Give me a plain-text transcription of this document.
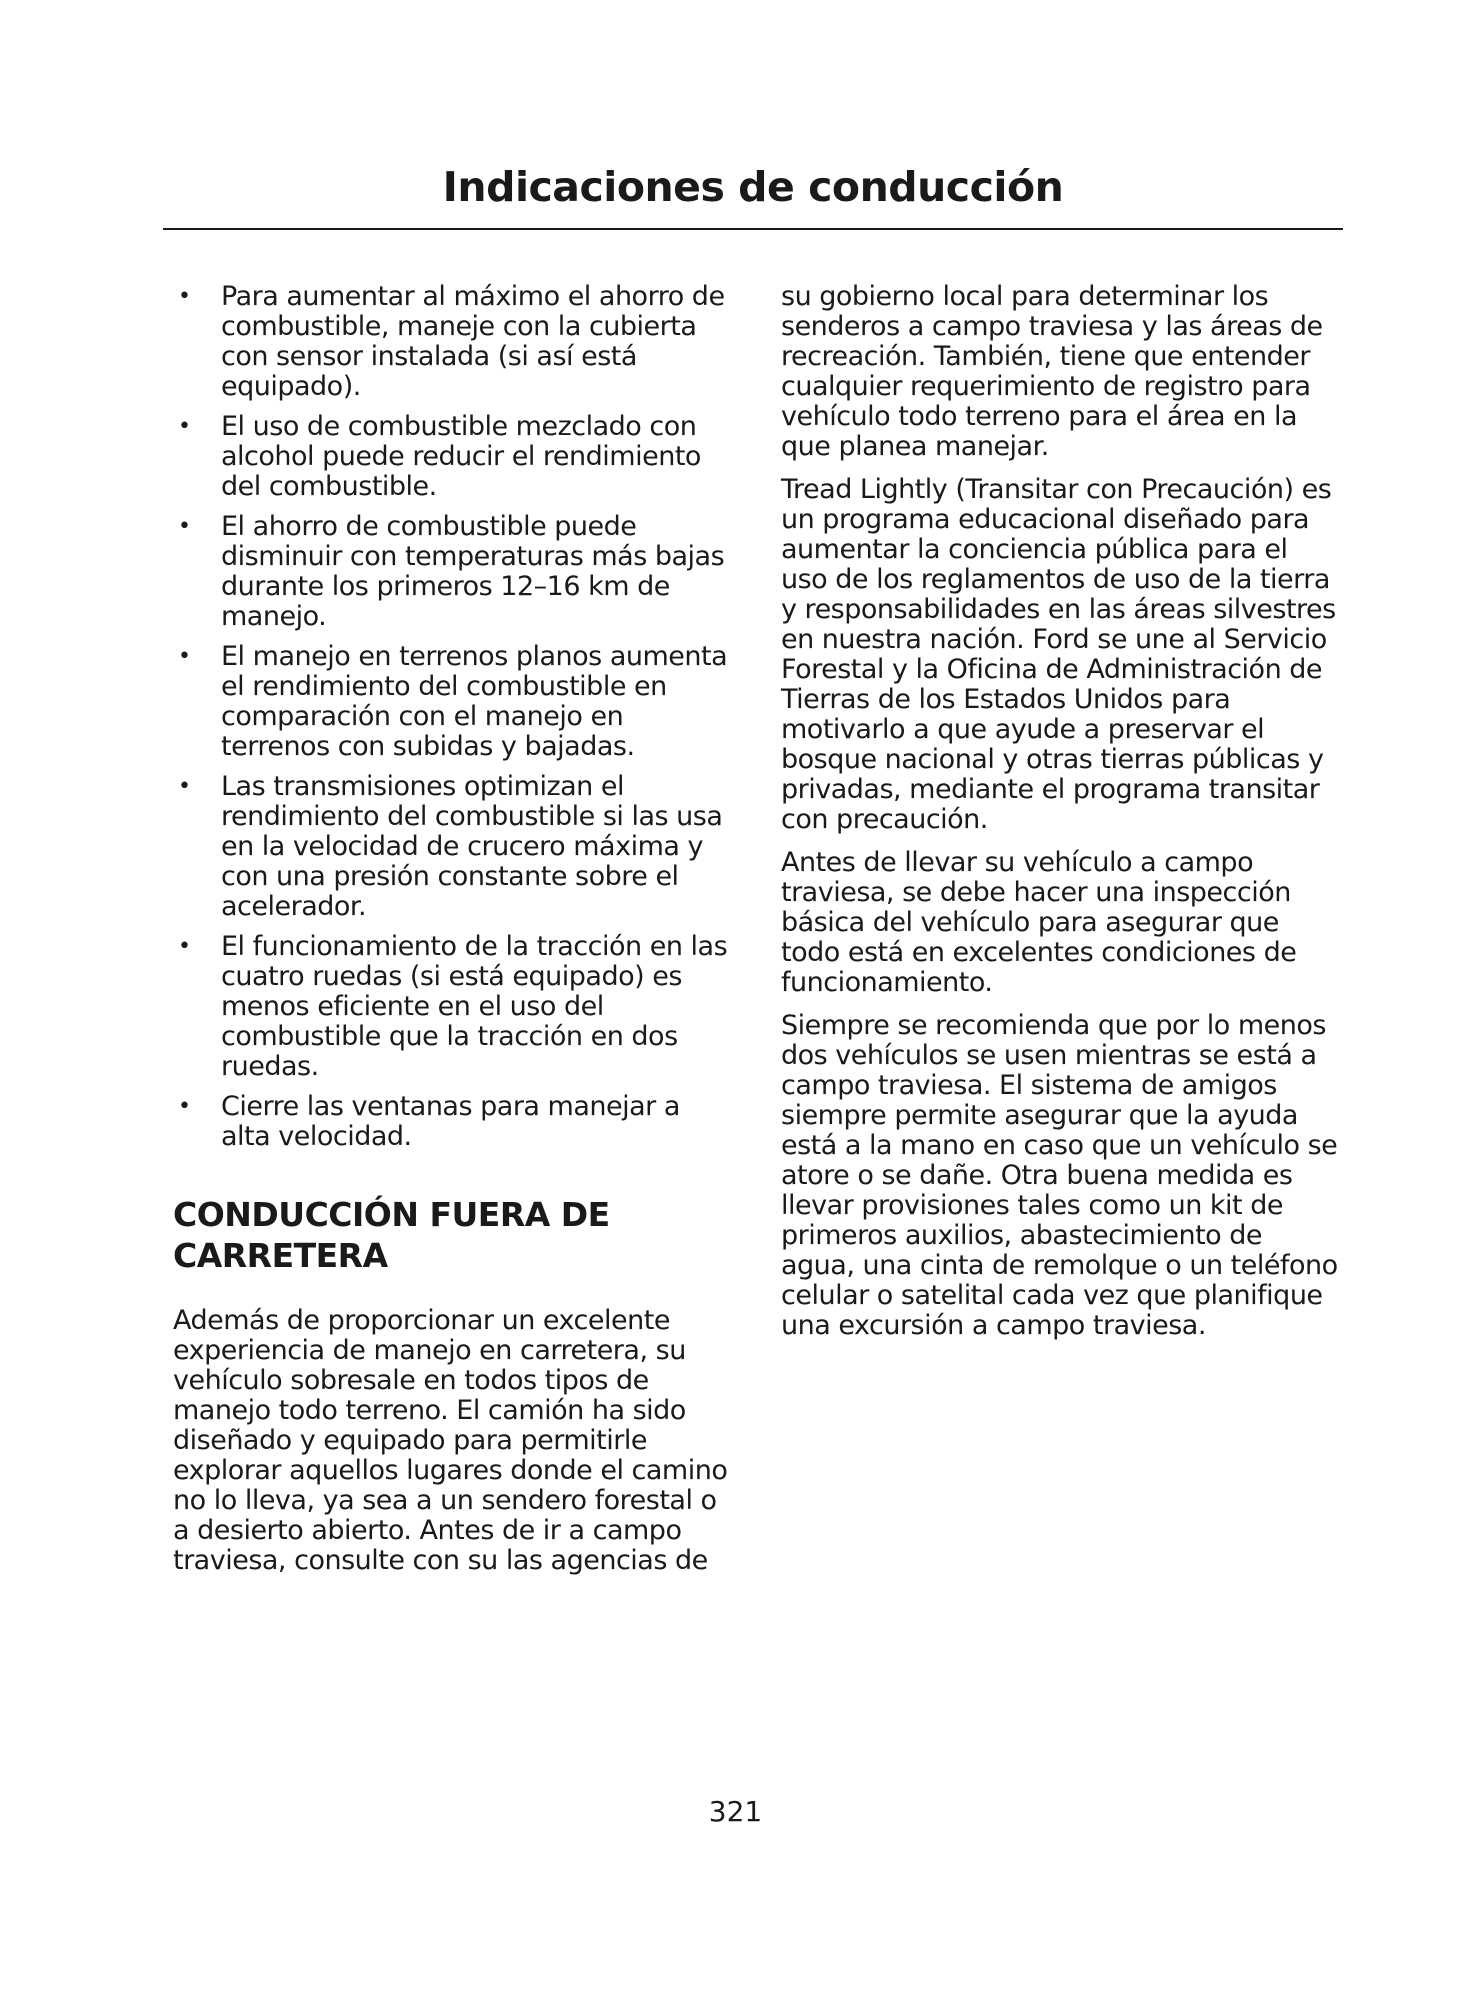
Indicaciones de conducción
• Para aumentar al máximo el ahorro de combustible, maneje con la cubierta con sensor instalada (si así está equipado).
• El uso de combustible mezclado con alcohol puede reducir el rendimiento del combustible.
• El ahorro de combustible puede disminuir con temperaturas más bajas durante los primeros 12–16 km de manejo.
• El manejo en terrenos planos aumenta el rendimiento del combustible en comparación con el manejo en terrenos con subidas y bajadas.
• Las transmisiones optimizan el rendimiento del combustible si las usa en la velocidad de crucero máxima y con una presión constante sobre el acelerador.
• El funcionamiento de la tracción en las cuatro ruedas (si está equipado) es menos eficiente en el uso del combustible que la tracción en dos ruedas.
• Cierre las ventanas para manejar a alta velocidad.
CONDUCCIÓN FUERA DE CARRETERA

Además de proporcionar un excelente experiencia de manejo en carretera, su vehículo sobresale en todos tipos de manejo todo terreno. El camión ha sido diseñado y equipado para permitirle explorar aquellos lugares donde el camino no lo lleva, ya sea a un sendero forestal o a desierto abierto. Antes de ir a campo traviesa, consulte con su las agencias de

su gobierno local para determinar los senderos a campo traviesa y las áreas de recreación. También, tiene que entender cualquier requerimiento de registro para vehículo todo terreno para el área en la que planea manejar.

Tread Lightly (Transitar con Precaución) es un programa educacional diseñado para aumentar la conciencia pública para el uso de los reglamentos de uso de la tierra y responsabilidades en las áreas silvestres en nuestra nación. Ford se une al Servicio Forestal y la Oficina de Administración de Tierras de los Estados Unidos para motivarlo a que ayude a preservar el bosque nacional y otras tierras públicas y privadas, mediante el programa transitar con precaución.

Antes de llevar su vehículo a campo traviesa, se debe hacer una inspección básica del vehículo para asegurar que todo está en excelentes condiciones de funcionamiento.

Siempre se recomienda que por lo menos dos vehículos se usen mientras se está a campo traviesa. El sistema de amigos siempre permite asegurar que la ayuda está a la mano en caso que un vehículo se atore o se dañe. Otra buena medida es llevar provisiones tales como un kit de primeros auxilios, abastecimiento de agua, una cinta de remolque o un teléfono celular o satelital cada vez que planifique una excursión a campo traviesa.

321
